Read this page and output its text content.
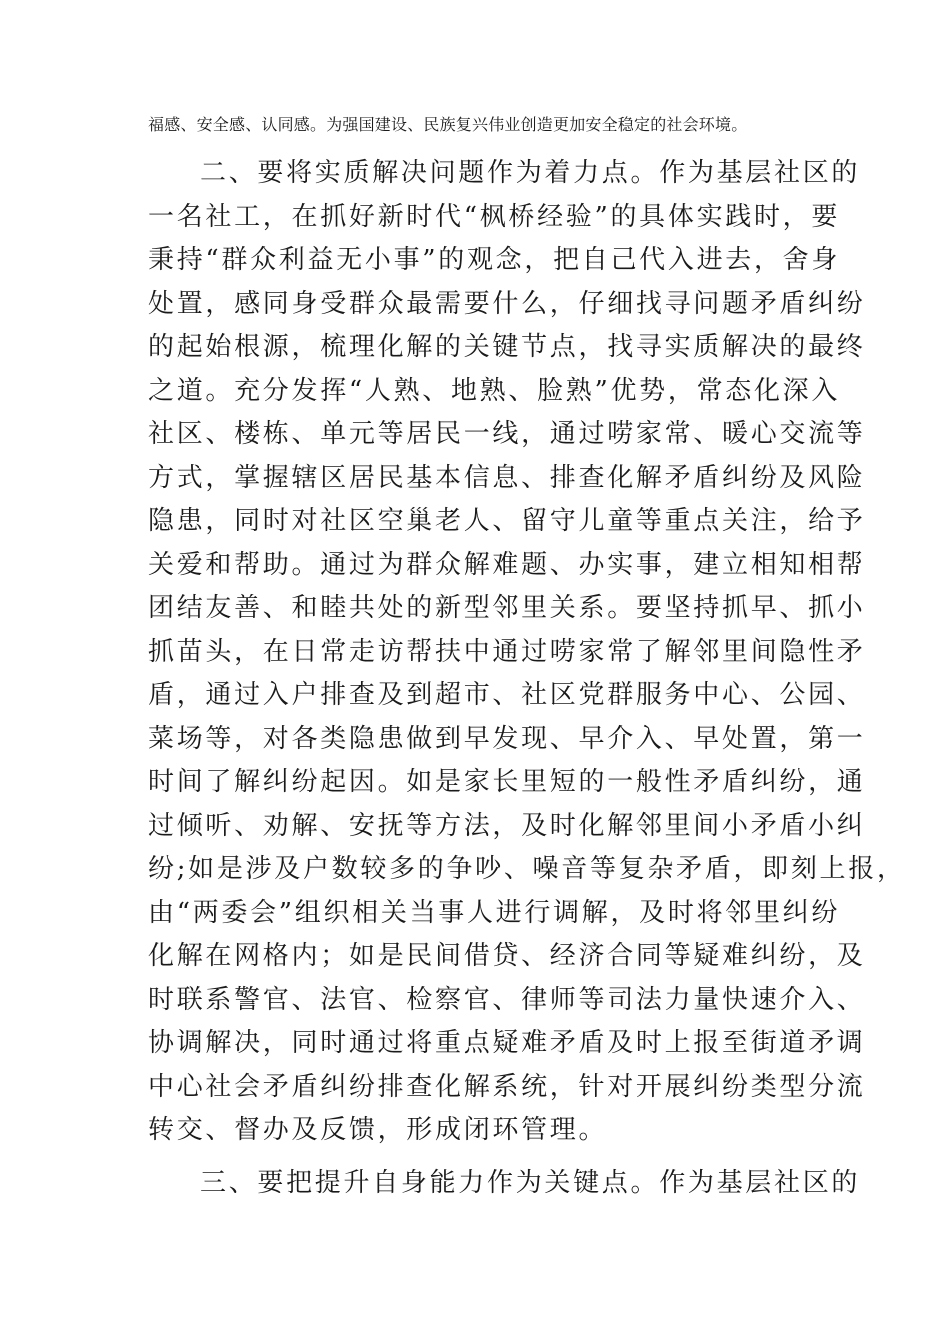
福感、安全感、认同感。为强国建设、民族复兴伟业创造更加安全稳定的社会环境。
二、要将实质解决问题作为着力点。作为基层社区的
一名社工，在抓好新时代“枫桥经验”的具体实践时，要
秉持“群众利益无小事”的观念，把自己代入进去，舍身
处置，感同身受群众最需要什么，仔细找寻问题矛盾纠纷
的起始根源，梳理化解的关键节点，找寻实质解决的最终
之道。充分发挥“人熟、地熟、脸熟”优势，常态化深入
社区、楼栋、单元等居民一线，通过唠家常、暖心交流等
方式，掌握辖区居民基本信息、排查化解矛盾纠纷及风险
隐患，同时对社区空巢老人、留守儿童等重点关注，给予
关爱和帮助。通过为群众解难题、办实事，建立相知相帮
团结友善、和睦共处的新型邻里关系。要坚持抓早、抓小
抓苗头，在日常走访帮扶中通过唠家常了解邻里间隐性矛
盾，通过入户排查及到超市、社区党群服务中心、公园、
菜场等，对各类隐患做到早发现、早介入、早处置，第一
时间了解纠纷起因。如是家长里短的一般性矛盾纠纷，通
过倾听、劝解、安抚等方法，及时化解邻里间小矛盾小纠
纷;如是涉及户数较多的争吵、噪音等复杂矛盾，即刻上报，
由“两委会”组织相关当事人进行调解，及时将邻里纠纷
化解在网格内；如是民间借贷、经济合同等疑难纠纷，及
时联系警官、法官、检察官、律师等司法力量快速介入、
协调解决，同时通过将重点疑难矛盾及时上报至街道矛调
中心社会矛盾纠纷排查化解系统，针对开展纠纷类型分流
转交、督办及反馈，形成闭环管理。
三、要把提升自身能力作为关键点。作为基层社区的
